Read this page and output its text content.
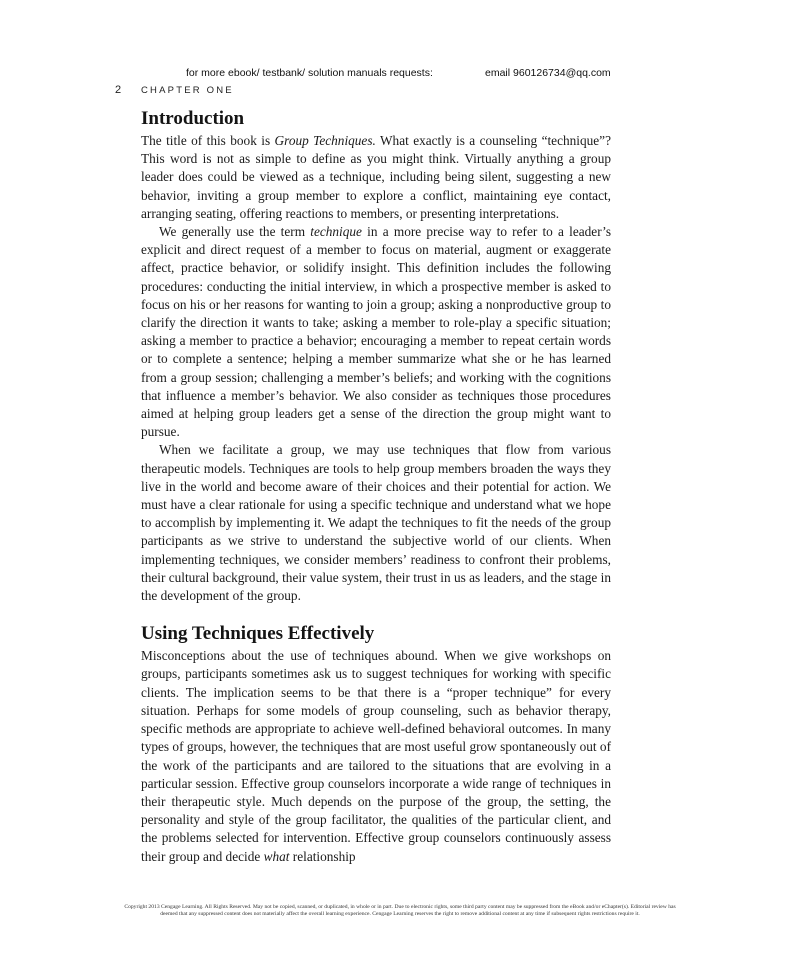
for more ebook/ testbank/ solution manuals requests:	email 960126734@qq.com
2 CHAPTER ONE
Introduction

The title of this book is Group Techniques. What exactly is a counseling “technique”? This word is not as simple to define as you might think. Virtually anything a group leader does could be viewed as a technique, including being silent, suggesting a new behavior, inviting a group member to explore a conflict, maintaining eye contact, arranging seating, offering reactions to members, or presenting interpretations.

We generally use the term technique in a more precise way to refer to a leader’s explicit and direct request of a member to focus on material, augment or exaggerate affect, practice behavior, or solidify insight. This definition includes the following procedures: conducting the initial interview, in which a prospective member is asked to focus on his or her reasons for wanting to join a group; asking a nonproductive group to clarify the direction it wants to take; asking a member to role-play a specific situation; asking a member to practice a behavior; encouraging a member to repeat certain words or to complete a sentence; helping a member summarize what she or he has learned from a group session; challenging a member’s beliefs; and working with the cognitions that influence a member’s behavior. We also consider as techniques those procedures aimed at helping group leaders get a sense of the direction the group might want to pursue.

When we facilitate a group, we may use techniques that flow from various therapeutic models. Techniques are tools to help group members broaden the ways they live in the world and become aware of their choices and their potential for action. We must have a clear rationale for using a specific technique and understand what we hope to accomplish by implementing it. We adapt the techniques to fit the needs of the group participants as we strive to understand the subjective world of our clients. When implementing techniques, we consider members’ readiness to confront their problems, their cultural background, their value system, their trust in us as leaders, and the stage in the development of the group.

Using Techniques Effectively

Misconceptions about the use of techniques abound. When we give workshops on groups, participants sometimes ask us to suggest techniques for working with specific clients. The implication seems to be that there is a “proper technique” for every situation. Perhaps for some models of group counseling, such as behavior therapy, specific methods are appropriate to achieve well-defined behavioral outcomes. In many types of groups, however, the techniques that are most useful grow spontaneously out of the work of the participants and are tailored to the situations that are evolving in a particular session. Effective group counselors incorporate a wide range of techniques in their therapeutic style. Much depends on the purpose of the group, the setting, the personality and style of the group facilitator, the qualities of the particular client, and the problems selected for intervention. Effective group counselors continuously assess their group and decide what relationship

Copyright 2013 Cengage Learning. All Rights Reserved. May not be copied, scanned, or duplicated, in whole or in part. Due to electronic rights, some third party content may be suppressed from the eBook and/or eChapter(s). Editorial review has
deemed that any suppressed content does not materially affect the overall learning experience. Cengage Learning reserves the right to remove additional content at any time if subsequent rights restrictions require it.
